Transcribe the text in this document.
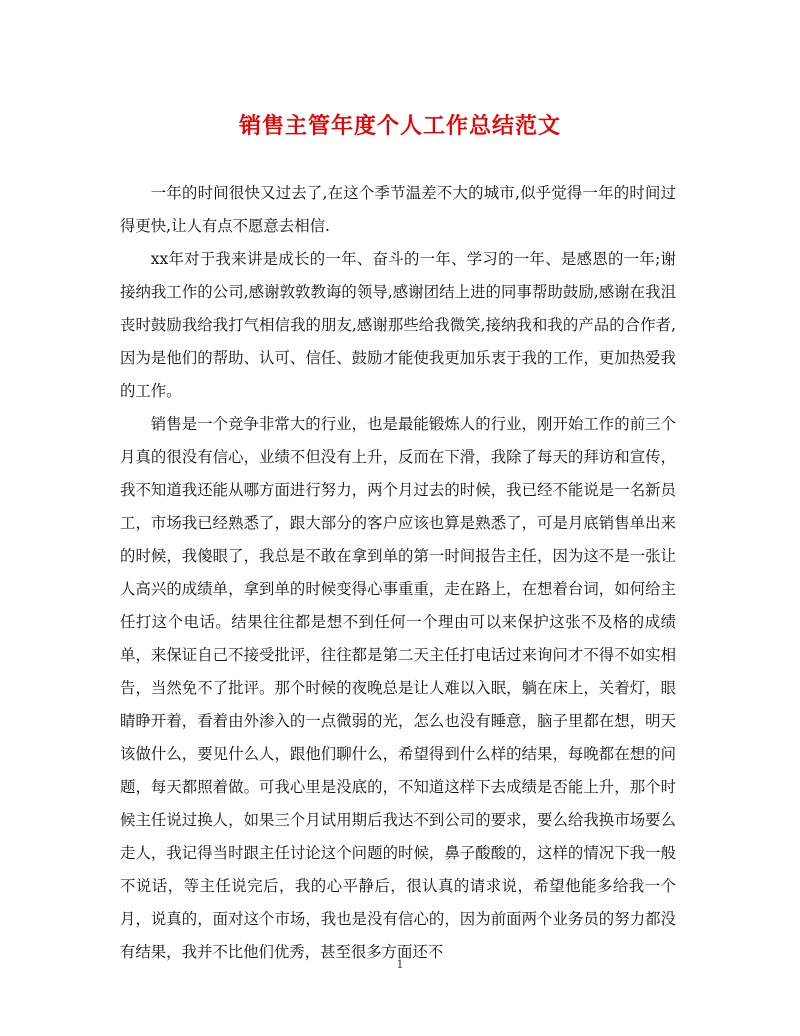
销售主管年度个人工作总结范文

一年的时间很快又过去了,在这个季节温差不大的城市,似乎觉得一年的时间过得更快,让人有点不愿意去相信.

xx年对于我来讲是成长的一年、奋斗的一年、学习的一年、是感恩的一年;谢接纳我工作的公司,感谢敦敦教诲的领导,感谢团结上进的同事帮助鼓励,感谢在我沮丧时鼓励我给我打气相信我的朋友,感谢那些给我微笑,接纳我和我的产品的合作者,因为是他们的帮助、认可、信任、鼓励才能使我更加乐衷于我的工作，更加热爱我的工作。

销售是一个竞争非常大的行业，也是最能锻炼人的行业，刚开始工作的前三个月真的很没有信心，业绩不但没有上升，反而在下滑，我除了每天的拜访和宣传，我不知道我还能从哪方面进行努力，两个月过去的时候，我已经不能说是一名新员工，市场我已经熟悉了，跟大部分的客户应该也算是熟悉了，可是月底销售单出来的时候，我傻眼了，我总是不敢在拿到单的第一时间报告主任，因为这不是一张让人高兴的成绩单，拿到单的时候变得心事重重，走在路上，在想着台词，如何给主任打这个电话。结果往往都是想不到任何一个理由可以来保护这张不及格的成绩单，来保证自己不接受批评，往往都是第二天主任打电话过来询问才不得不如实相告，当然免不了批评。那个时候的夜晚总是让人难以入眠，躺在床上，关着灯，眼睛睁开着，看着由外渗入的一点微弱的光，怎么也没有睡意，脑子里都在想，明天该做什么，要见什么人，跟他们聊什么，希望得到什么样的结果，每晚都在想的问题，每天都照着做。可我心里是没底的，不知道这样下去成绩是否能上升，那个时候主任说过换人，如果三个月试用期后我达不到公司的要求，要么给我换市场要么走人，我记得当时跟主任讨论这个问题的时候，鼻子酸酸的，这样的情况下我一般不说话，等主任说完后，我的心平静后，很认真的请求说，希望他能多给我一个月，说真的，面对这个市场，我也是没有信心的，因为前面两个业务员的努力都没有结果，我并不比他们优秀，甚至很多方面还不

1
